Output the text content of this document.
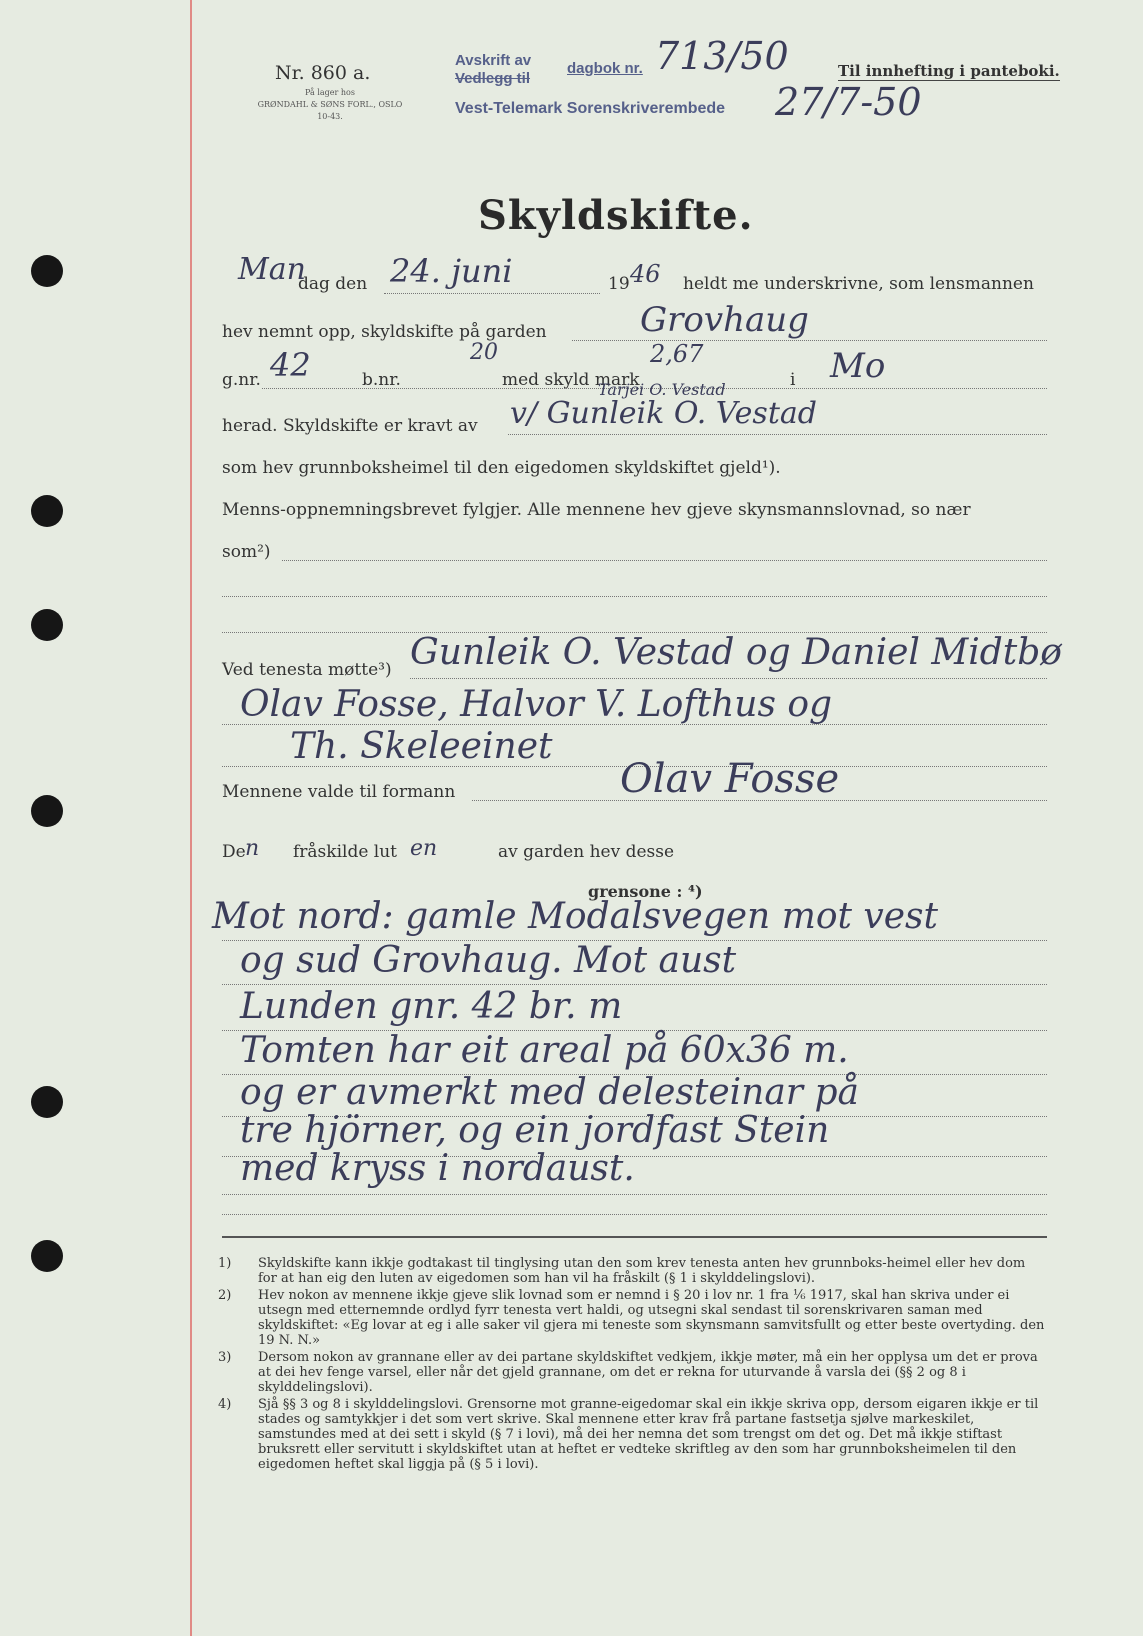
Nr. 860 a.
På lager hos
GRØNDAHL & SØNS FORL., OSLO
10-43.
Avskrift av
Vedlegg til
dagbok nr. 713/50
Vest-Telemark Sorenskriverembede 27/7-50
Til innhefting i panteboki.
Skyldskifte.
Man
dag den 24. juni	19 46 heldt me underskrivne, som lensmannen
hev nemnt opp, skyldskifte på garden	Grovhaug
g.nr. 42	b.nr.
20
med skyld mark
2,67
i Mo
herad. Skyldskifte er kravt av
Tarjei O. Vestad
v/ Gunleik O. Vestad
som hev grunnboksheimel til den eigedomen skyldskiftet gjeld¹).
Menns-oppnemningsbrevet fylgjer. Alle mennene hev gjeve skynsmannslovnad, so nær
som²)
Ved tenesta møtte³) Gunleik O. Vestad og Daniel Midtbø
Olav Fosse, Halvor V. Lofthus og
Th. Skeleeinet
Mennene valde til formann	Olav Fosse
De n fråskilde lut en	av garden hev desse
grensone : ⁴)
Mot nord: gamle Modalsvegen mot vest
og sud Grovhaug. Mot aust
Lunden gnr. 42 br. m
Tomten har eit areal på 60x36 m.
og er avmerkt med delesteinar på
tre hjörner, og ein jordfast Stein
med kryss i nordaust.
1) Skyldskifte kann ikkje godtakast til tinglysing utan den som krev tenesta anten hev grunnboks-heimel eller hev dom for at han eig den luten av eigedomen som han vil ha fråskilt (§ 1 i skylddelingslovi).
2) Hev nokon av mennene ikkje gjeve slik lovnad som er nemnd i § 20 i lov nr. 1 fra ⅙ 1917, skal han skriva under ei utsegn med etternemnde ordlyd fyrr tenesta vert haldi, og utsegni skal sendast til sorenskrivaren saman med skyldskiftet: «Eg lovar at eg i alle saker vil gjera mi teneste som skynsmann samvitsfullt og etter beste overtyding. den 19 N. N.»
3) Dersom nokon av grannane eller av dei partane skyldskiftet vedkjem, ikkje møter, må ein her opplysa um det er prova at dei hev fenge varsel, eller når det gjeld grannane, om det er rekna for uturvande å varsla dei (§§ 2 og 8 i skylddelingslovi).
4) Sjå §§ 3 og 8 i skylddelingslovi. Grensorne mot granne-eigedomar skal ein ikkje skriva opp, dersom eigaren ikkje er til stades og samtykkjer i det som vert skrive. Skal mennene etter krav frå partane fastsetja sjølve markeskilet, samstundes med at dei sett i skyld (§ 7 i lovi), må dei her nemna det som trengst om det og. Det må ikkje stiftast bruksrett eller servitutt i skyldskiftet utan at heftet er vedteke skriftleg av den som har grunnboksheimelen til den eigedomen heftet skal liggja på (§ 5 i lovi).
